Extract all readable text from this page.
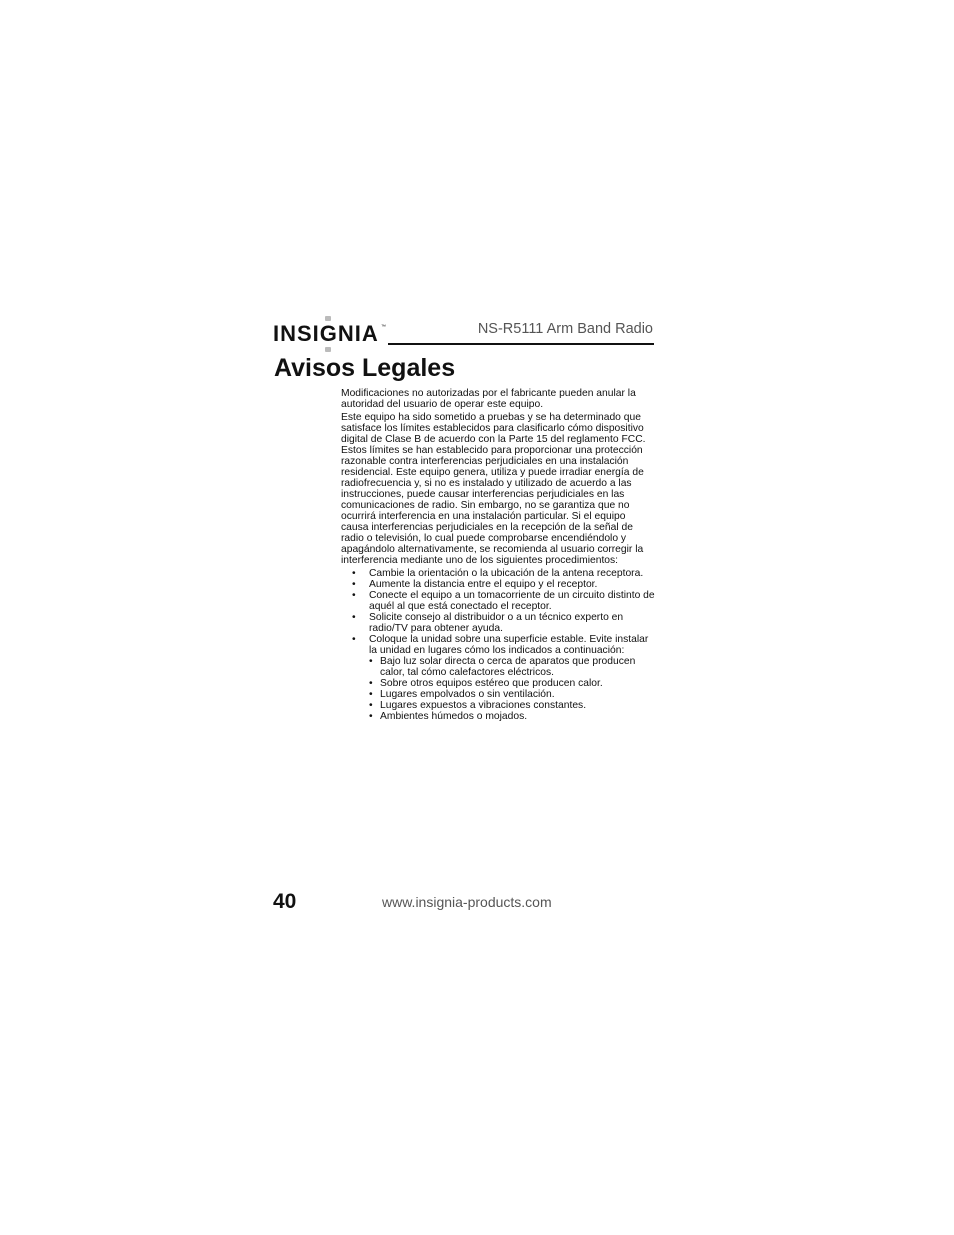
INSIGNIA ™	NS-R5111 Arm Band Radio
Avisos Legales

Modificaciones no autorizadas por el fabricante pueden anular la autoridad del usuario de operar este equipo.

Este equipo ha sido sometido a pruebas y se ha determinado que satisface los límites establecidos para clasificarlo cómo dispositivo digital de Clase B de acuerdo con la Parte 15 del reglamento FCC. Estos límites se han establecido para proporcionar una protección razonable contra interferencias perjudiciales en una instalación residencial. Este equipo genera, utiliza y puede irradiar energía de radiofrecuencia y, si no es instalado y utilizado de acuerdo a las instrucciones, puede causar interferencias perjudiciales en las comunicaciones de radio. Sin embargo, no se garantiza que no ocurrirá interferencia en una instalación particular. Si el equipo causa interferencias perjudiciales en la recepción de la señal de radio o televisión, lo cual puede comprobarse encendiéndolo y apagándolo alternativamente, se recomienda al usuario corregir la interferencia mediante uno de los siguientes procedimientos:

• Cambie la orientación o la ubicación de la antena receptora.
• Aumente la distancia entre el equipo y el receptor.
• Conecte el equipo a un tomacorriente de un circuito distinto de aquél al que está conectado el receptor.
• Solicite consejo al distribuidor o a un técnico experto en radio/TV para obtener ayuda.
• Coloque la unidad sobre una superficie estable. Evite instalar la unidad en lugares cómo los indicados a continuación:
• Bajo luz solar directa o cerca de aparatos que producen calor, tal cómo calefactores eléctricos.
• Sobre otros equipos estéreo que producen calor.
• Lugares empolvados o sin ventilación.
• Lugares expuestos a vibraciones constantes.
• Ambientes húmedos o mojados.
40	www.insignia-products.com
